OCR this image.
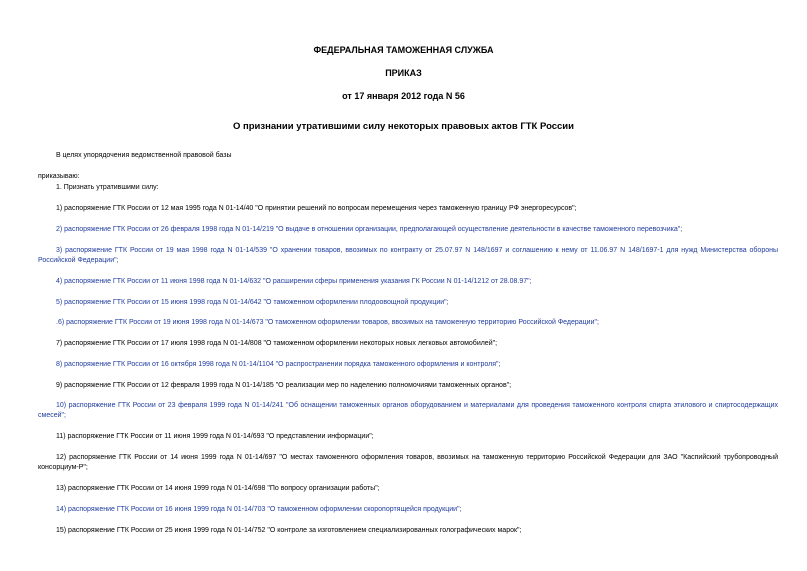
ФЕДЕРАЛЬНАЯ ТАМОЖЕННАЯ СЛУЖБА
ПРИКАЗ
от 17 января 2012 года N 56
О признании утратившими силу некоторых правовых актов ГТК России
В целях упорядочения ведомственной правовой базы
приказываю:
1. Признать утратившими силу:
1) распоряжение ГТК России от 12 мая 1995 года N 01-14/40 "О принятии решений по вопросам перемещения через таможенную границу РФ энергоресурсов";
2) распоряжение ГТК России от 26 февраля 1998 года N 01-14/219 "О выдаче в отношении организации, предполагающей осуществление деятельности в качестве таможенного перевозчика";
3) распоряжение ГТК России от 19 мая 1998 года N 01-14/539 "О хранении товаров, ввозимых по контракту от 25.07.97 N 148/1697 и соглашению к нему от 11.06.97 N 148/1697-1 для нужд Министерства обороны Российской Федерации";
4) распоряжение ГТК России от 11 июня 1998 года N 01-14/632 "О расширении сферы применения указания ГК России N 01-14/1212 от 28.08.97";
5) распоряжение ГТК России от 15 июня 1998 года N 01-14/642 "О таможенном оформлении плодоовощной продукции";
.6) распоряжение ГТК России от 19 июня 1998 года N 01-14/673 "О таможенном оформлении товаров, ввозимых на таможенную территорию Российской Федерации";
7) распоряжение ГТК России от 17 июля 1998 года N 01-14/808 "О таможенном оформлении некоторых новых легковых автомобилей";
8) распоряжение ГТК России от 16 октября 1998 года N 01-14/1104 "О распространении порядка таможенного оформления и контроля";
9) распоряжение ГТК России от 12 февраля 1999 года N 01-14/185 "О реализации мер по наделению полномочиями таможенных органов";
10) распоряжение ГТК России от 23 февраля 1999 года N 01-14/241 "Об оснащении таможенных органов оборудованием и материалами для проведения таможенного контроля спирта этилового и спиртосодержащих смесей";
11) распоряжение ГТК России от 11 июня 1999 года N 01-14/693 "О представлении информации";
12) распоряжение ГТК России от 14 июня 1999 года N 01-14/697 "О местах таможенного оформления товаров, ввозимых на таможенную территорию Российской Федерации для ЗАО "Каспийский трубопроводный консорциум-Р";
13) распоряжение ГТК России от 14 июня 1999 года N 01-14/698 "По вопросу организации работы";
14) распоряжение ГТК России от 16 июня 1999 года N 01-14/703 "О таможенном оформлении скоропортящейся продукции";
15) распоряжение ГТК России от 25 июня 1999 года N 01-14/752 "О контроле за изготовлением специализированных голографических марок";
